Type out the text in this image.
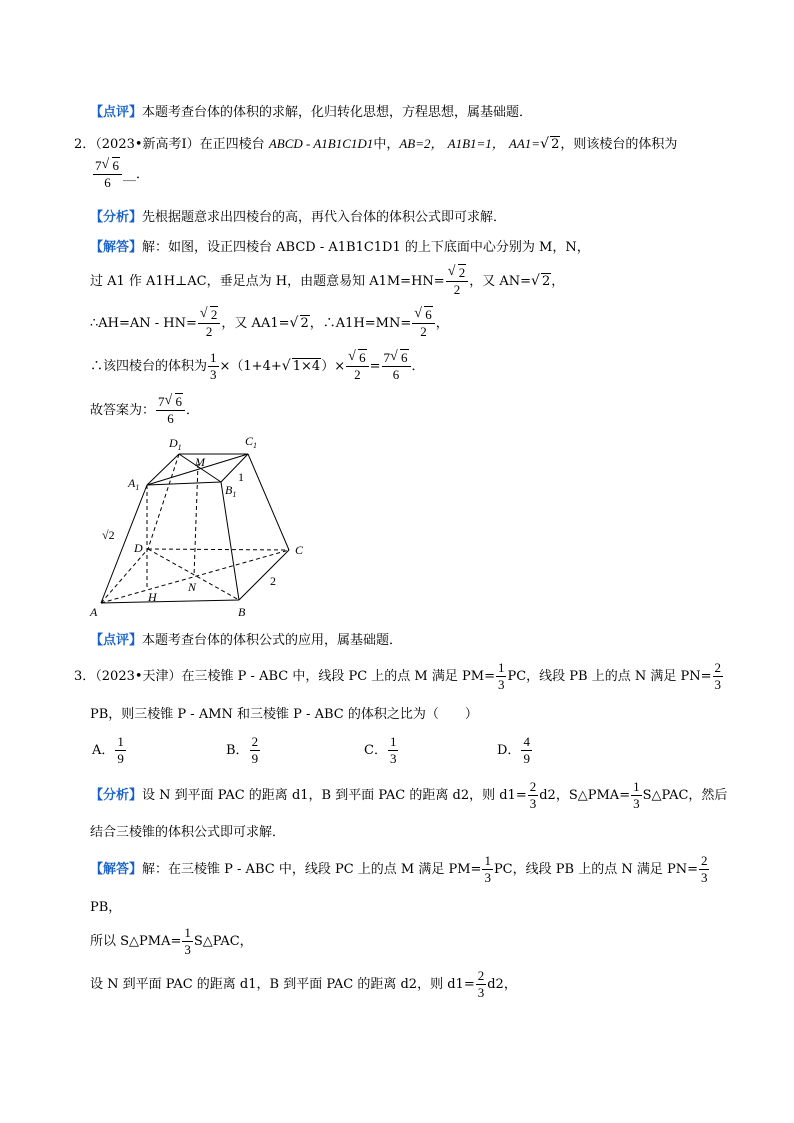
【点评】本题考查台体的体积的求解，化归转化思想，方程思想，属基础题．
2．（2023•新高考Ⅰ）在正四棱台 ABCD - A1B1C1D1中，AB=2， A1B1=1， AA1=√ 2，则该棱台的体积为
$\frac{7√ 6}{6}$ __．
【分析】先根据题意求出四棱台的高，再代入台体的体积公式即可求解．
【解答】解：如图，设正四棱台 ABCD - A1B1C1D1 的上下底面中心分别为 M，N，
过 A1 作 A1H⊥AC，垂足点为 H，由题意易知 A1M=HN=
√ $\frac{2}{2}$ ，又 AN=√ 2，
∴AH=AN - HN=
√ $\frac{2}{2}$ ，又 AA1=√ 2，∴A1H=MN=
√ $\frac{6}{2}$ ，
∴该四棱台的体积为 $\frac{1}{3} \times(1+4+√$ 1×4）×
√ $\frac{6}{2} = \frac{7√ 6}{6}$ ．
故答案为： $\frac{7√ 6}{6}$ ．
$D_1$	$C_1$
M
$A_1$	$B_1$
1
√2
D	C
2
N
H
A	B
【点评】本题考查台体的体积公式的应用，属基础题．
3．（2023•天津）在三棱锥 P - ABC 中，线段 PC 上的点 M 满足 $PM= \frac{1}{3}$ PC，线段 PB 上的点 N 满足 $PN= \frac{2}{3}$
PB，则三棱锥 P - AMN 和三棱锥 P - ABC 的体积之比为（　　）
A． $\frac{1}{9}$	B． $\frac{2}{9}$	C． $\frac{1}{3}$	D． $\frac{4}{9}$
【分析】设 N 到平面 PAC 的距离 d1，B 到平面 PAC 的距离 d2，则 $d1= \frac{2}{3} d2$，S△PMA= $\frac{1}{3}$ S△PAC，然后
结合三棱锥的体积公式即可求解．
【解答】解：在三棱锥 P - ABC 中，线段 PC 上的点 M 满足 $PM= \frac{1}{3}$ PC，线段 PB 上的点 N 满足 $PN= \frac{2}{3}$
PB，
所以 S△PMA= $\frac{1}{3}$ S△PAC，
设 N 到平面 PAC 的距离 d1，B 到平面 PAC 的距离 d2，则 $d1= \frac{2}{3} d2$，
